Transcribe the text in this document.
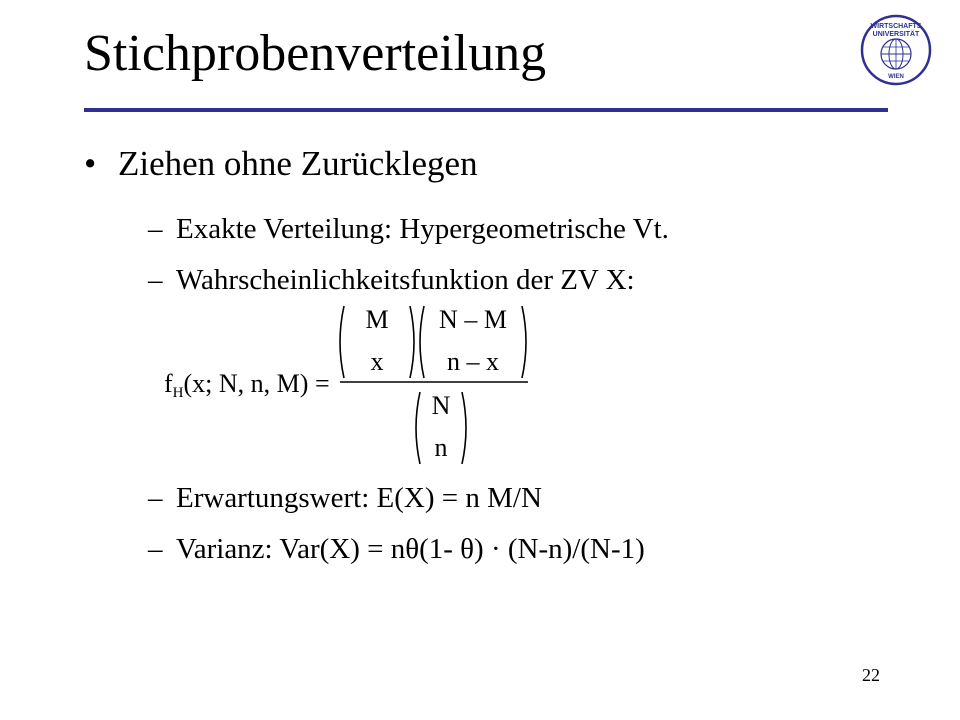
Stichprobenverteilung	WIRTSCHAFTS
UNIVERSITÄT
WIEN
• Ziehen ohne Zurücklegen
– Exakte Verteilung: Hypergeometrische Vt.
– Wahrscheinlichkeitsfunktion der ZV X:
M
x
N – M
n – x
N
n
fH(x; N, n, M) =
– Erwartungswert: E(X) = n M/N
– Varianz: Var(X) = nθ(1- θ) · (N-n)/(N-1)
22
